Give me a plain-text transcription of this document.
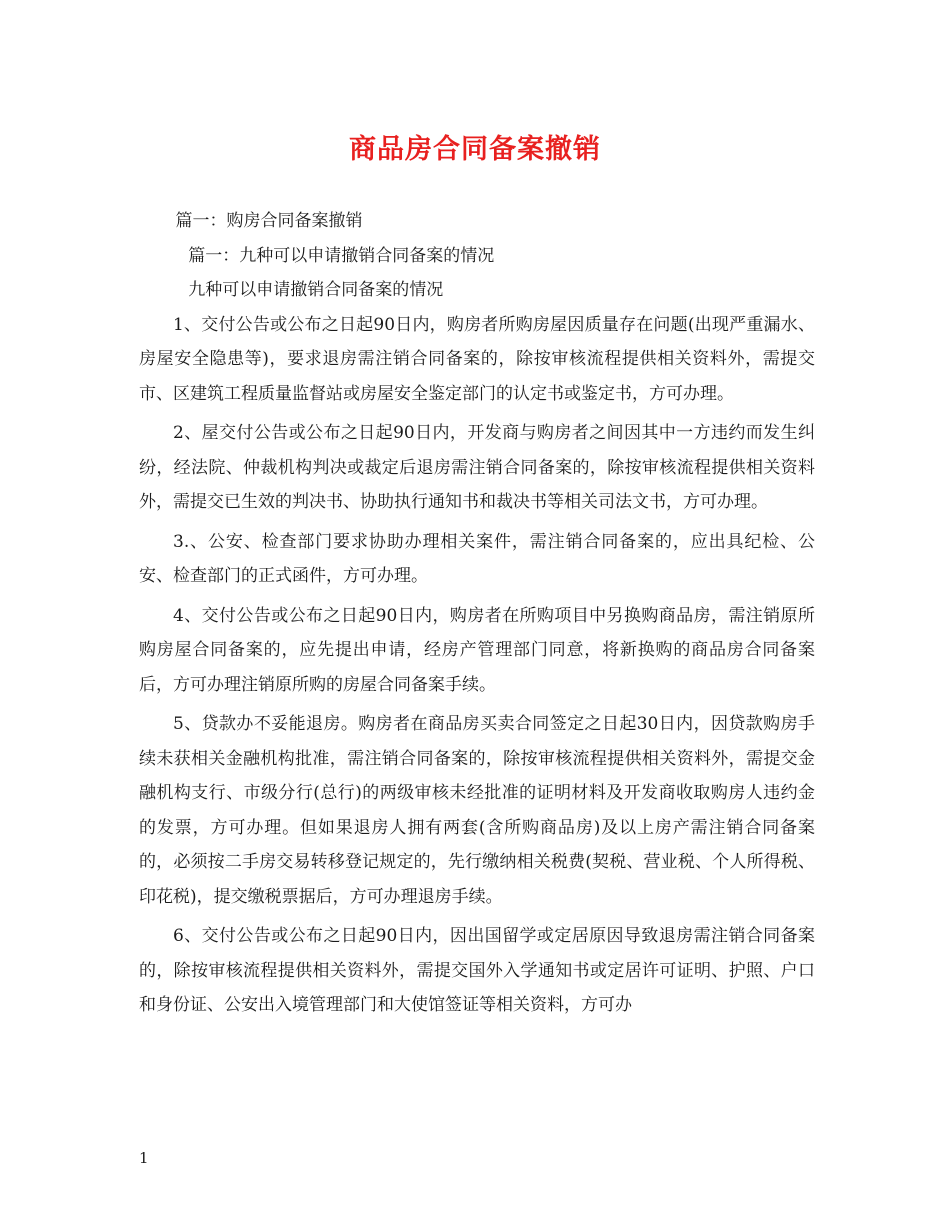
商品房合同备案撤销

篇一：购房合同备案撤销

篇一：九种可以申请撤销合同备案的情况

九种可以申请撤销合同备案的情况

1、交付公告或公布之日起90日内，购房者所购房屋因质量存在问题(出现严重漏水、房屋安全隐患等)，要求退房需注销合同备案的，除按审核流程提供相关资料外，需提交市、区建筑工程质量监督站或房屋安全鉴定部门的认定书或鉴定书，方可办理。

2、屋交付公告或公布之日起90日内，开发商与购房者之间因其中一方违约而发生纠纷，经法院、仲裁机构判决或裁定后退房需注销合同备案的，除按审核流程提供相关资料外，需提交已生效的判决书、协助执行通知书和裁决书等相关司法文书，方可办理。

3.、公安、检查部门要求协助办理相关案件，需注销合同备案的，应出具纪检、公安、检查部门的正式函件，方可办理。

4、交付公告或公布之日起90日内，购房者在所购项目中另换购商品房，需注销原所购房屋合同备案的，应先提出申请，经房产管理部门同意，将新换购的商品房合同备案后，方可办理注销原所购的房屋合同备案手续。

5、贷款办不妥能退房。购房者在商品房买卖合同签定之日起30日内，因贷款购房手续未获相关金融机构批准，需注销合同备案的，除按审核流程提供相关资料外，需提交金融机构支行、市级分行(总行)的两级审核未经批准的证明材料及开发商收取购房人违约金的发票，方可办理。但如果退房人拥有两套(含所购商品房)及以上房产需注销合同备案的，必须按二手房交易转移登记规定的，先行缴纳相关税费(契税、营业税、个人所得税、印花税)，提交缴税票据后，方可办理退房手续。

6、交付公告或公布之日起90日内，因出国留学或定居原因导致退房需注销合同备案的，除按审核流程提供相关资料外，需提交国外入学通知书或定居许可证明、护照、户口和身份证、公安出入境管理部门和大使馆签证等相关资料，方可办

1
